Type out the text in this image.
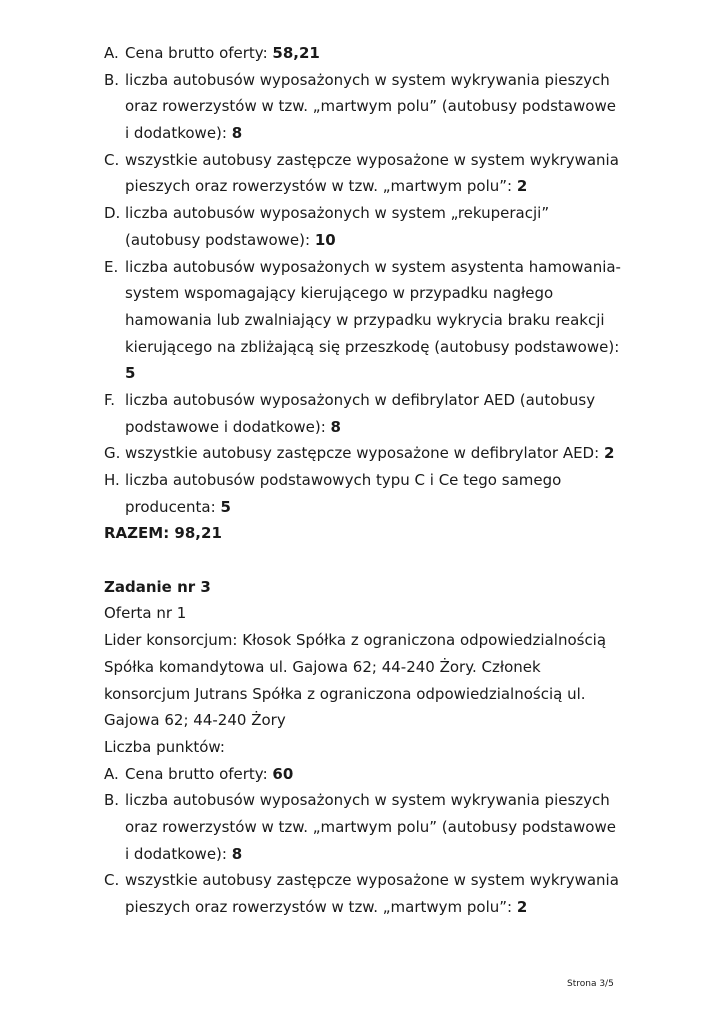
A. Cena brutto oferty: 58,21
B. liczba autobusów wyposażonych w system wykrywania pieszych
oraz rowerzystów w tzw. „martwym polu” (autobusy podstawowe
i dodatkowe): 8
C. wszystkie autobusy zastępcze wyposażone w system wykrywania
pieszych oraz rowerzystów w tzw. „martwym polu”: 2
D. liczba autobusów wyposażonych w system „rekuperacji”
(autobusy podstawowe): 10
E. liczba autobusów wyposażonych w system asystenta hamowania-
system wspomagający kierującego w przypadku nagłego
hamowania lub zwalniający w przypadku wykrycia braku reakcji
kierującego na zbliżającą się przeszkodę (autobusy podstawowe):
5
F. liczba autobusów wyposażonych w defibrylator AED (autobusy
podstawowe i dodatkowe): 8
G. wszystkie autobusy zastępcze wyposażone w defibrylator AED: 2
H. liczba autobusów podstawowych typu C i Ce tego samego
producenta: 5
RAZEM: 98,21
Zadanie nr 3
Oferta nr 1
Lider konsorcjum: Kłosok Spółka z ograniczona odpowiedzialnością
Spółka komandytowa ul. Gajowa 62; 44-240 Żory. Członek
konsorcjum Jutrans Spółka z ograniczona odpowiedzialnością ul.
Gajowa 62; 44-240 Żory
Liczba punktów:
A. Cena brutto oferty: 60
B. liczba autobusów wyposażonych w system wykrywania pieszych
oraz rowerzystów w tzw. „martwym polu” (autobusy podstawowe
i dodatkowe): 8
C. wszystkie autobusy zastępcze wyposażone w system wykrywania
pieszych oraz rowerzystów w tzw. „martwym polu”: 2
Strona 3/5
